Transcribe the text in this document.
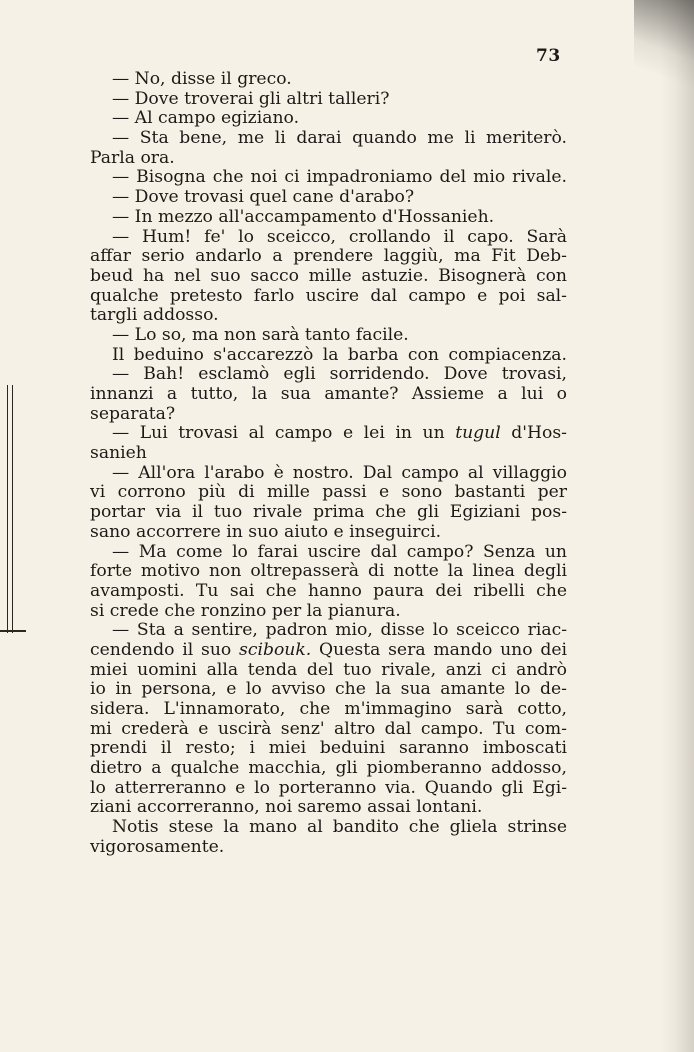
73
— No, disse il greco.
— Dove troverai gli altri talleri?
— Al campo egiziano.
— Sta bene, me li darai quando me li meriterò.
Parla ora.
— Bisogna che noi ci impadroniamo del mio rivale.
— Dove trovasi quel cane d'arabo?
— In mezzo all'accampamento d'Hossanieh.
— Hum! fe' lo sceicco, crollando il capo. Sarà
affar serio andarlo a prendere laggiù, ma Fit Deb-
beud ha nel suo sacco mille astuzie. Bisognerà con
qualche pretesto farlo uscire dal campo e poi sal-
targli addosso.
— Lo so, ma non sarà tanto facile.
Il beduino s'accarezzò la barba con compiacenza.
— Bah! esclamò egli sorridendo. Dove trovasi,
innanzi a tutto, la sua amante? Assieme a lui o
separata?
— Lui trovasi al campo e lei in un tugul d'Hos-
sanieh
— All'ora l'arabo è nostro. Dal campo al villaggio
vi corrono più di mille passi e sono bastanti per
portar via il tuo rivale prima che gli Egiziani pos-
sano accorrere in suo aiuto e inseguirci.
— Ma come lo farai uscire dal campo? Senza un
forte motivo non oltrepasserà di notte la linea degli
avamposti. Tu sai che hanno paura dei ribelli che
si crede che ronzino per la pianura.
— Sta a sentire, padron mio, disse lo sceicco riac-
cendendo il suo scibouk. Questa sera mando uno dei
miei uomini alla tenda del tuo rivale, anzi ci andrò
io in persona, e lo avviso che la sua amante lo de-
sidera. L'innamorato, che m'immagino sarà cotto,
mi crederà e uscirà senz' altro dal campo. Tu com-
prendi il resto; i miei beduini saranno imboscati
dietro a qualche macchia, gli piomberanno addosso,
lo atterreranno e lo porteranno via. Quando gli Egi-
ziani accorreranno, noi saremo assai lontani.
Notis stese la mano al bandito che gliela strinse
vigorosamente.
